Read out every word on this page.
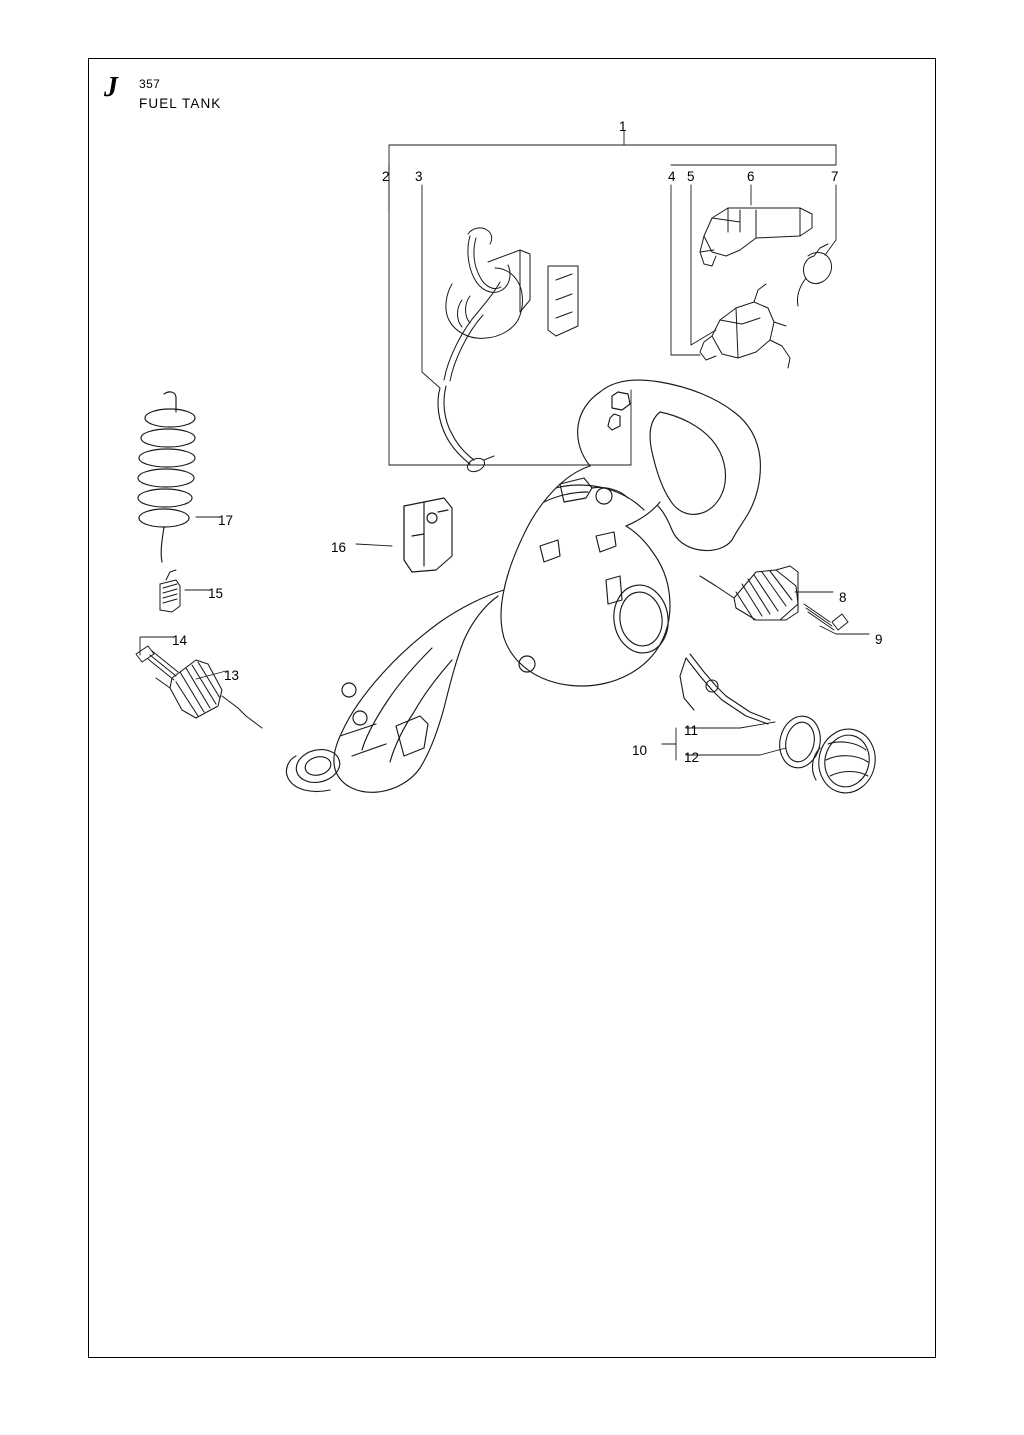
J 357
FUEL TANK
1
2 3	4 5	6	7
8
9
10
11
12
13
14
15
16
17
